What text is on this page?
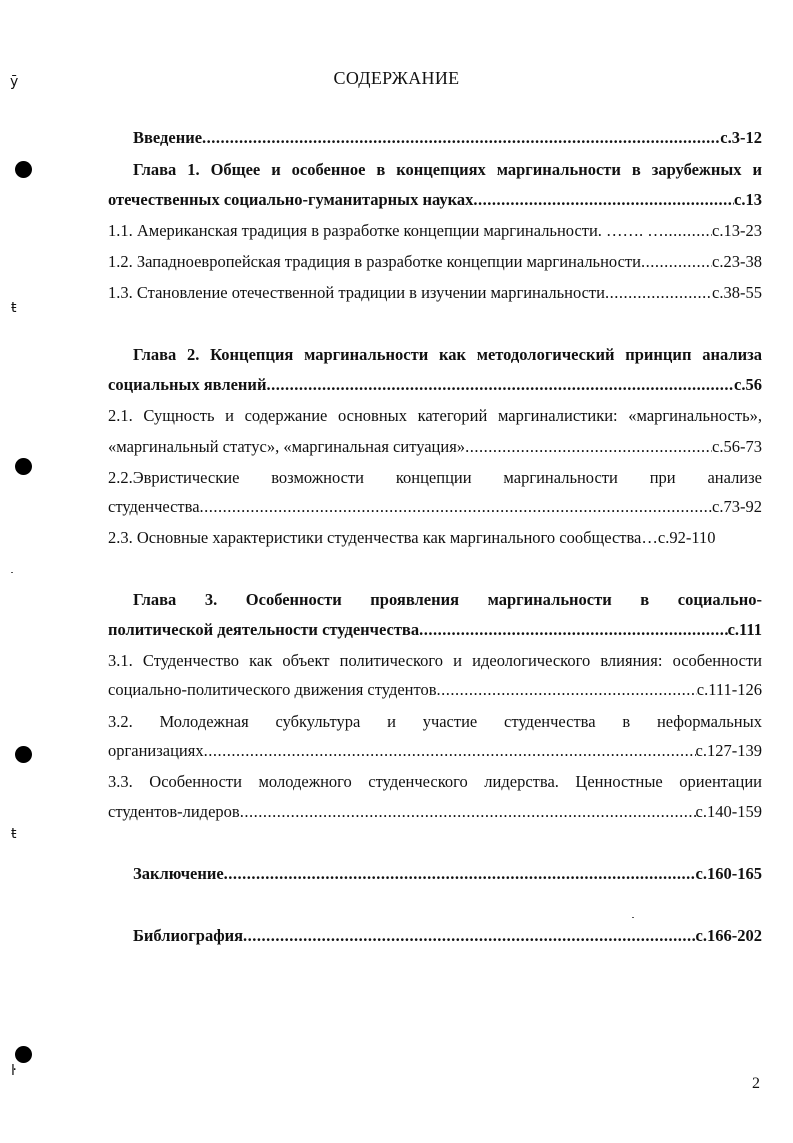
СОДЕРЖАНИЕ
Введение .....	с.3-12
Глава 1. Общее и особенное в концепциях маргинальности в зарубежных и
отечественных социально-гуманитарных науках .....	с.13
1.1. Американская традиция в разработке концепции маргинальности. ……. … .....	с.13-23
1.2. Западноевропейская традиция в разработке концепции маргинальности .....	с.23-38
1.3. Становление отечественной традиции в изучении маргинальности .....	с.38-55
Глава 2. Концепция маргинальности как методологический принцип анализа
социальных явлений .....	с.56
2.1. Сущность и содержание основных категорий маргиналистики: «маргинальность»,
«маргинальный статус», «маргинальная ситуация» .....	с.56-73
2.2.Эвристические возможности концепции маргинальности при анализе
студенчества .....	с.73-92
2.3. Основные характеристики студенчества как маргинального сообщества… с.92-110
Глава 3. Особенности проявления маргинальности в социально-
политической деятельности студенчества .....	с.111
3.1. Студенчество как объект политического и идеологического влияния: особенности
социально-политического движения студентов .....	с.111-126
3.2. Молодежная субкультура и участие студенчества в неформальных
организациях .....	с.127-139
3.3. Особенности молодежного студенческого лидерства. Ценностные ориентации
студентов-лидеров .....	с.140-159
Заключение .....	с.160-165
Библиография .....	с.166-202
2
ȳ
ŧ
ŧ
ŀ
